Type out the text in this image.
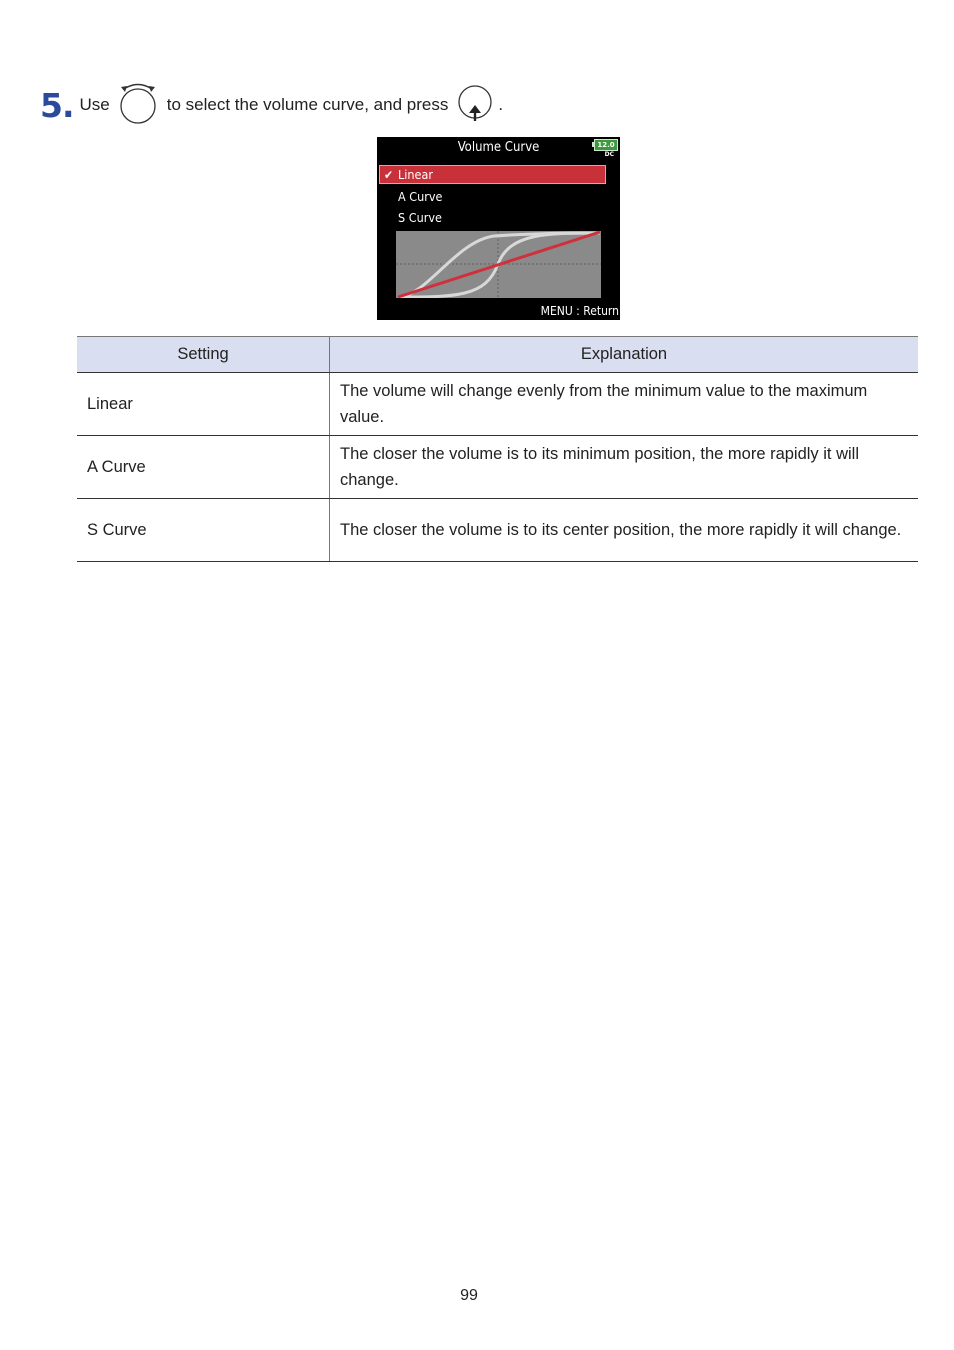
5. Use	to select the volume curve, and press	.
Volume Curve	12.0
DC
✔ Linear
A Curve
S Curve
MENU : Return
Setting	Explanation
Linear	The volume will change evenly from the minimum value to the maximum value.
A Curve	The closer the volume is to its minimum position, the more rapidly it will change.
S Curve	The closer the volume is to its center position, the more rapidly it will change.
99
